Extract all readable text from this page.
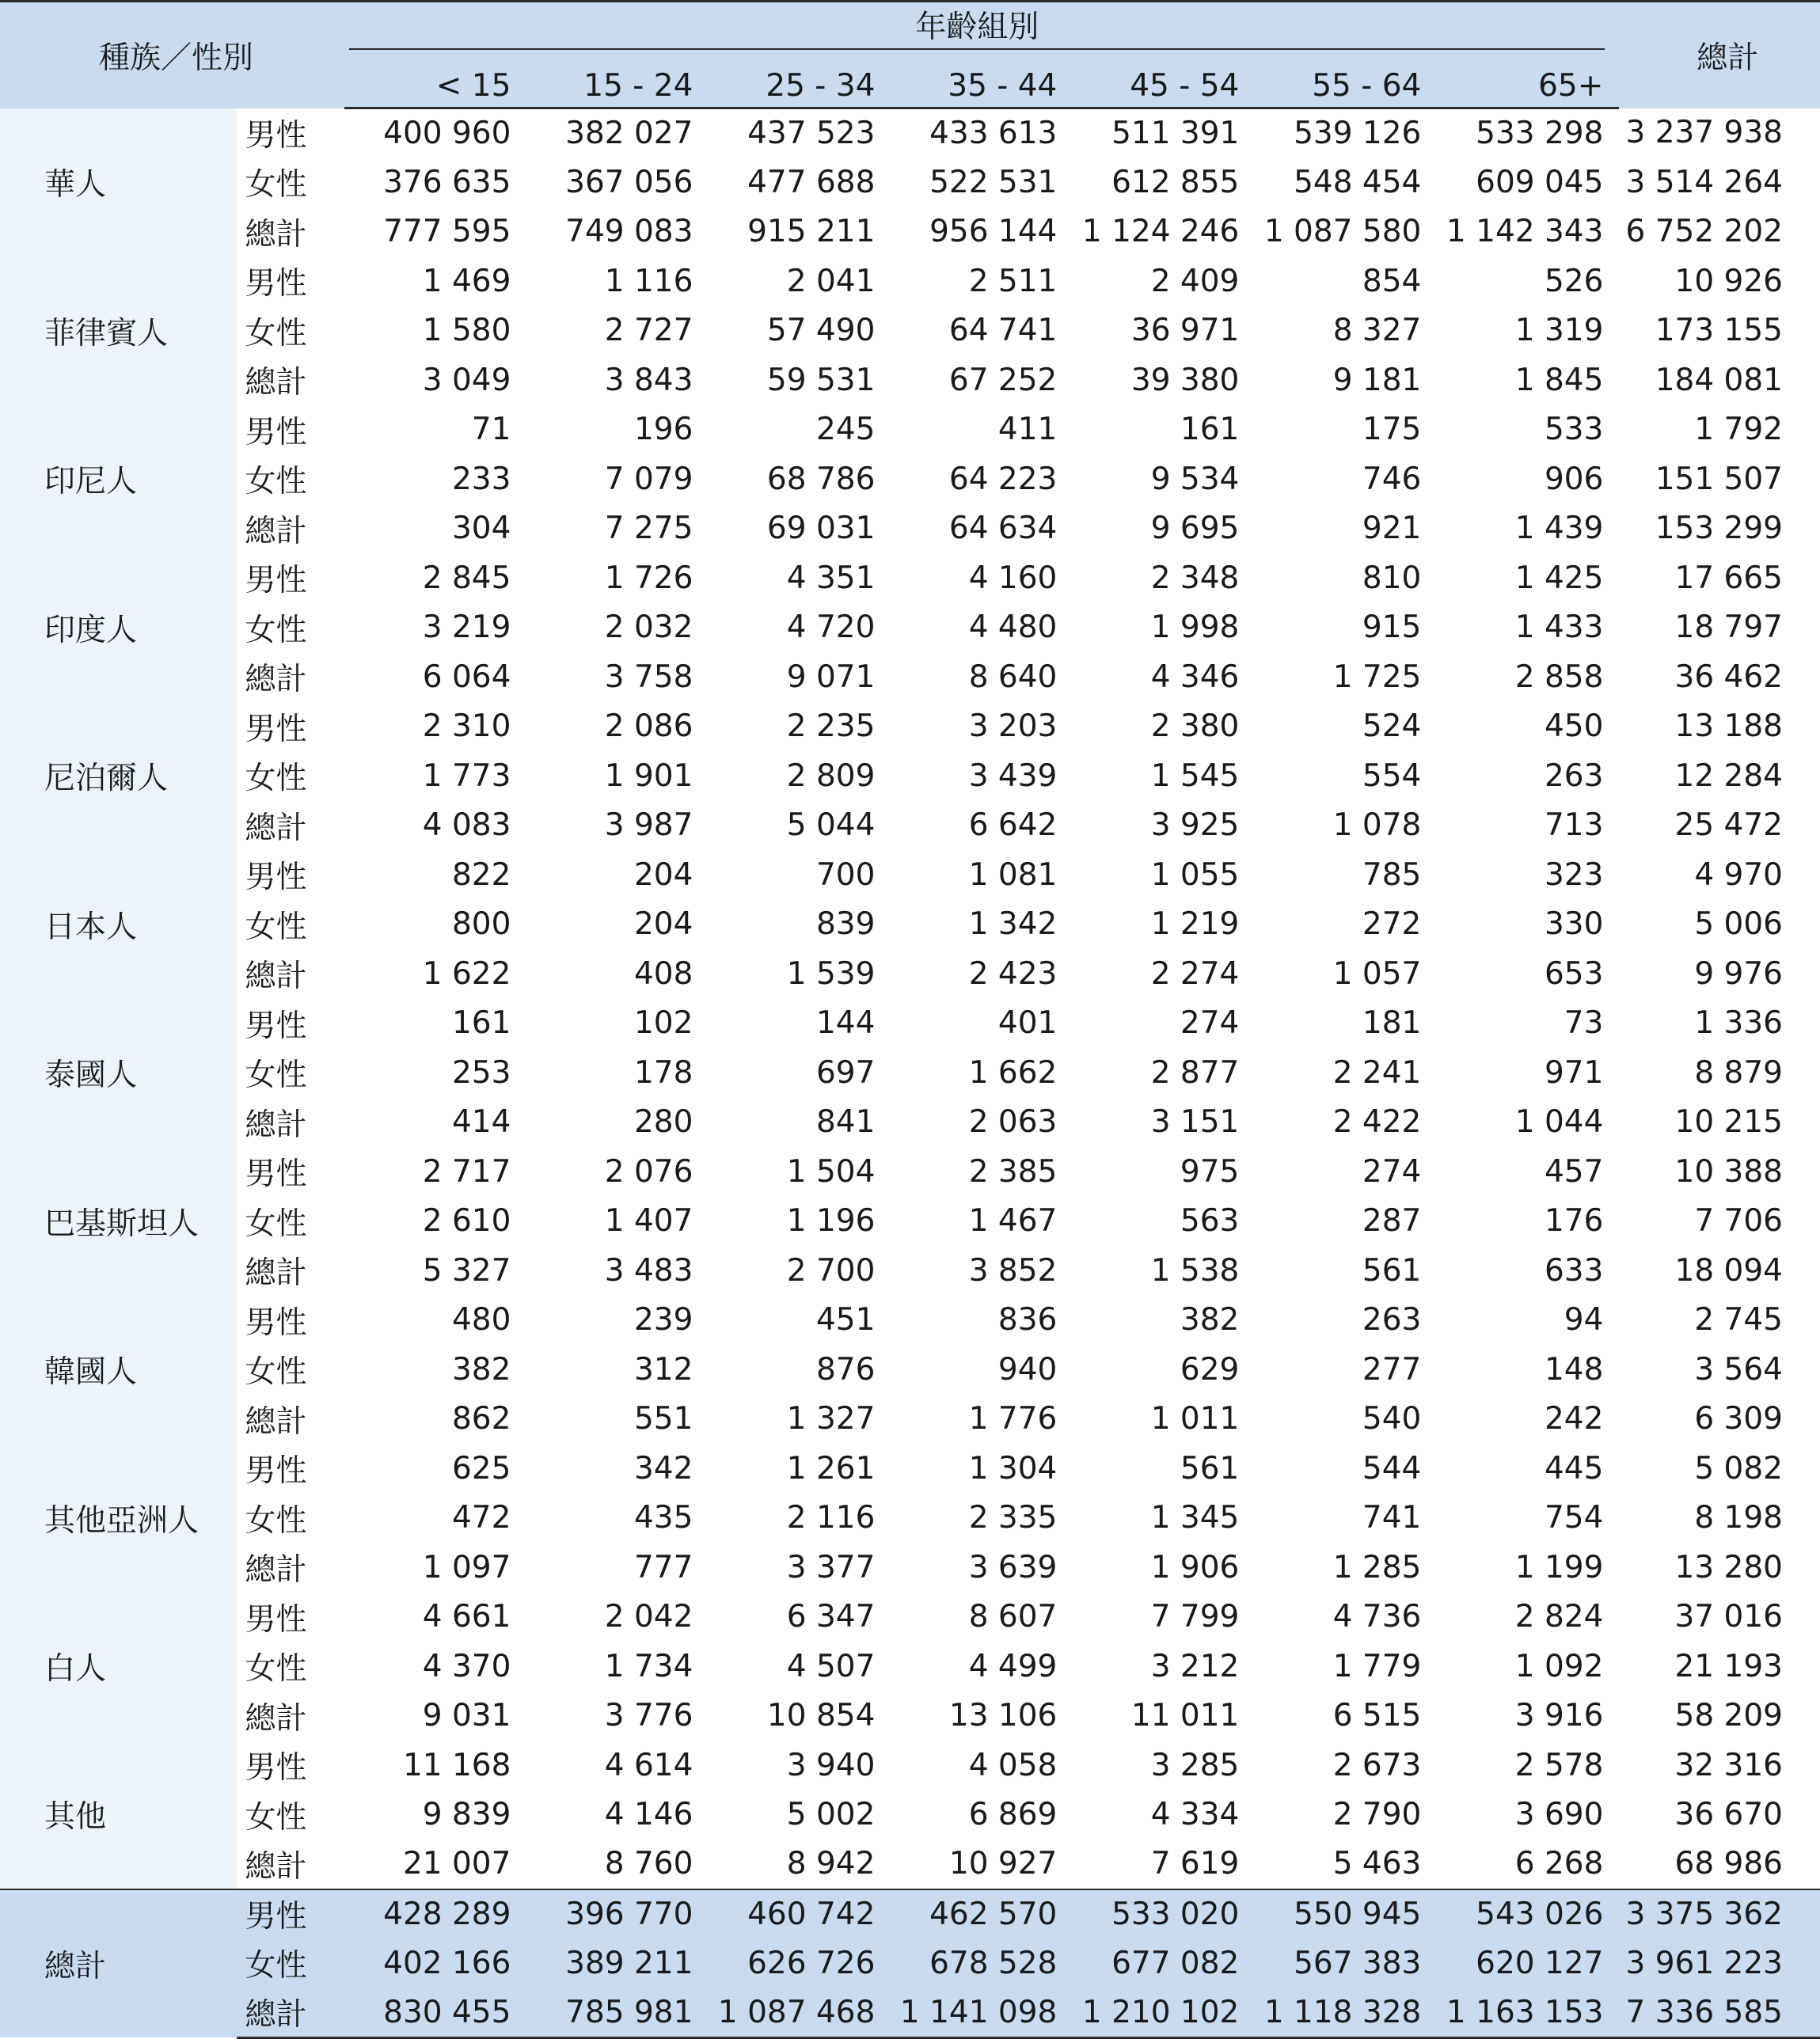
種族／性別		年齡組別							總計
		< 15	15 - 24	25 - 34	35 - 44	45 - 54	55 - 64	65+	
華人	男性	400 960	382 027	437 523	433 613	511 391	539 126	533 298	3 237 938
	女性	376 635	367 056	477 688	522 531	612 855	548 454	609 045	3 514 264
	總計	777 595	749 083	915 211	956 144	1 124 246	1 087 580	1 142 343	6 752 202
菲律賓人	男性	1 469	1 116	2 041	2 511	2 409	854	526	10 926
	女性	1 580	2 727	57 490	64 741	36 971	8 327	1 319	173 155
	總計	3 049	3 843	59 531	67 252	39 380	9 181	1 845	184 081
印尼人	男性	71	196	245	411	161	175	533	1 792
	女性	233	7 079	68 786	64 223	9 534	746	906	151 507
	總計	304	7 275	69 031	64 634	9 695	921	1 439	153 299
印度人	男性	2 845	1 726	4 351	4 160	2 348	810	1 425	17 665
	女性	3 219	2 032	4 720	4 480	1 998	915	1 433	18 797
	總計	6 064	3 758	9 071	8 640	4 346	1 725	2 858	36 462
尼泊爾人	男性	2 310	2 086	2 235	3 203	2 380	524	450	13 188
	女性	1 773	1 901	2 809	3 439	1 545	554	263	12 284
	總計	4 083	3 987	5 044	6 642	3 925	1 078	713	25 472
日本人	男性	822	204	700	1 081	1 055	785	323	4 970
	女性	800	204	839	1 342	1 219	272	330	5 006
	總計	1 622	408	1 539	2 423	2 274	1 057	653	9 976
泰國人	男性	161	102	144	401	274	181	73	1 336
	女性	253	178	697	1 662	2 877	2 241	971	8 879
	總計	414	280	841	2 063	3 151	2 422	1 044	10 215
巴基斯坦人	男性	2 717	2 076	1 504	2 385	975	274	457	10 388
	女性	2 610	1 407	1 196	1 467	563	287	176	7 706
	總計	5 327	3 483	2 700	3 852	1 538	561	633	18 094
韓國人	男性	480	239	451	836	382	263	94	2 745
	女性	382	312	876	940	629	277	148	3 564
	總計	862	551	1 327	1 776	1 011	540	242	6 309
其他亞洲人	男性	625	342	1 261	1 304	561	544	445	5 082
	女性	472	435	2 116	2 335	1 345	741	754	8 198
	總計	1 097	777	3 377	3 639	1 906	1 285	1 199	13 280
白人	男性	4 661	2 042	6 347	8 607	7 799	4 736	2 824	37 016
	女性	4 370	1 734	4 507	4 499	3 212	1 779	1 092	21 193
	總計	9 031	3 776	10 854	13 106	11 011	6 515	3 916	58 209
其他	男性	11 168	4 614	3 940	4 058	3 285	2 673	2 578	32 316
	女性	9 839	4 146	5 002	6 869	4 334	2 790	3 690	36 670
	總計	21 007	8 760	8 942	10 927	7 619	5 463	6 268	68 986
總計	男性	428 289	396 770	460 742	462 570	533 020	550 945	543 026	3 375 362
	女性	402 166	389 211	626 726	678 528	677 082	567 383	620 127	3 961 223
	總計	830 455	785 981	1 087 468	1 141 098	1 210 102	1 118 328	1 163 153	7 336 585
